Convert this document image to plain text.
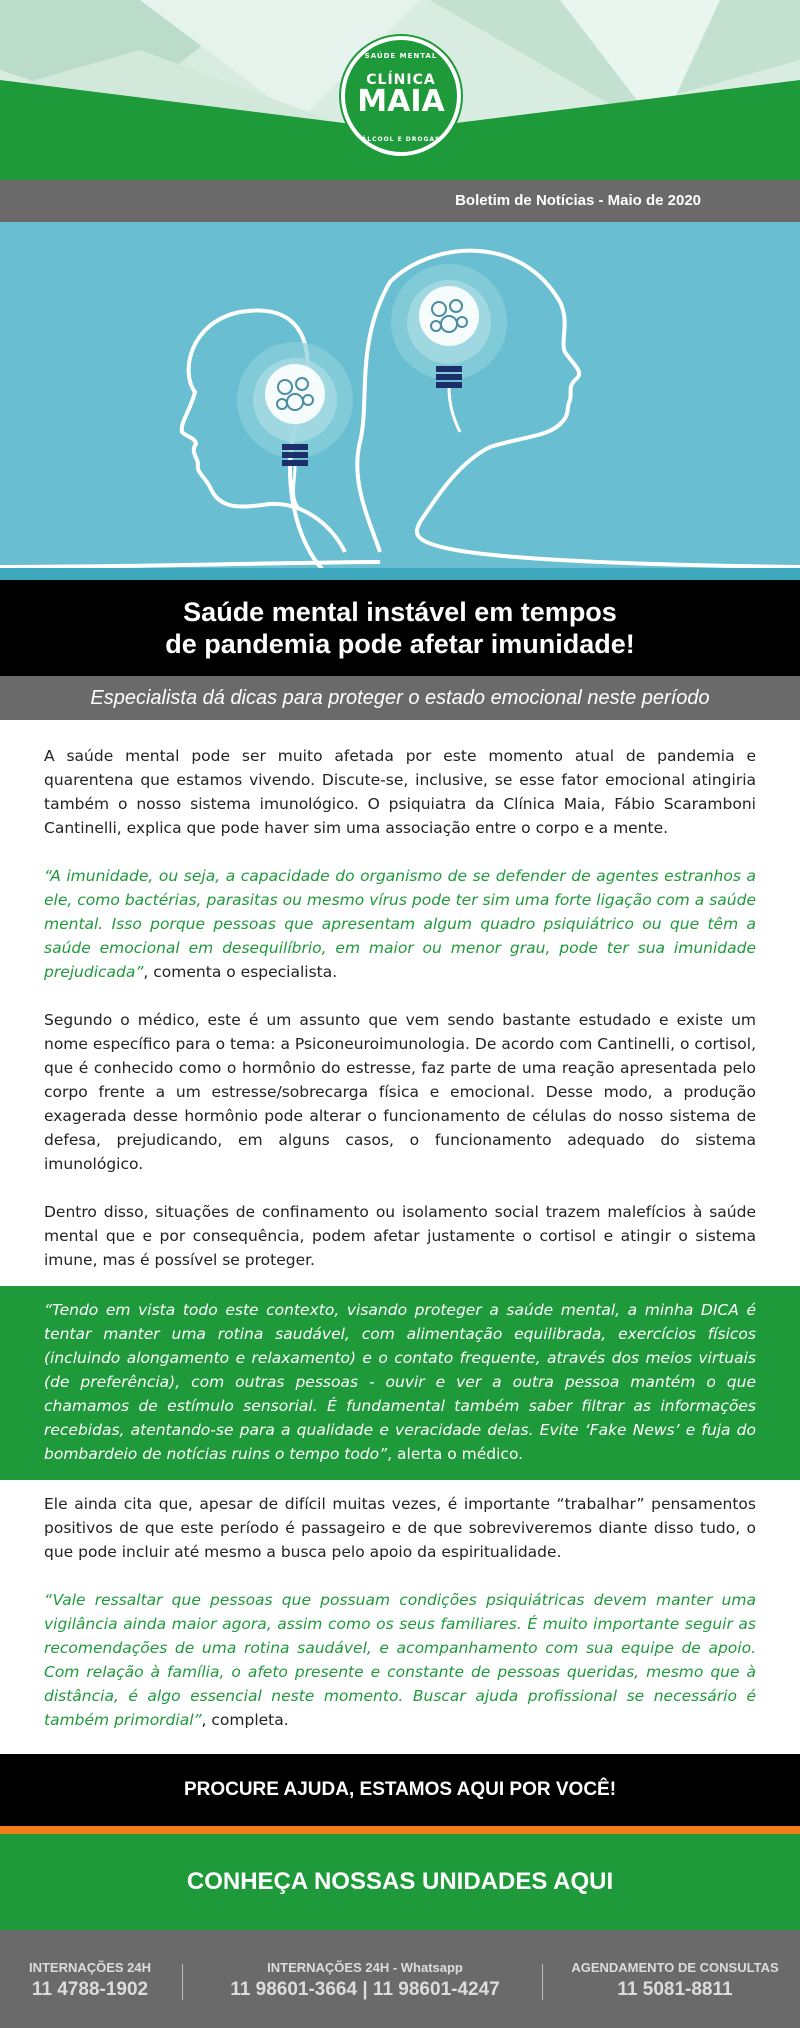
SAÚDE MENTAL
CLÍNICA
MAIA
ÁLCOOL E DROGAS
Boletim de Notícias - Maio de 2020
Saúde mental instável em tempos
de pandemia pode afetar imunidade!
Especialista dá dicas para proteger o estado emocional neste período

A saúde mental pode ser muito afetada por este momento atual de pandemia e quarentena que estamos vivendo. Discute-se, inclusive, se esse fator emocional atingiria também o nosso sistema imunológico. O psiquiatra da Clínica Maia, Fábio Scaramboni Cantinelli, explica que pode haver sim uma associação entre o corpo e a mente.

“A imunidade, ou seja, a capacidade do organismo de se defender de agentes estranhos a ele, como bactérias, parasitas ou mesmo vírus pode ter sim uma forte ligação com a saúde mental. Isso porque pessoas que apresentam algum quadro psiquiátrico ou que têm a saúde emocional em desequilíbrio, em maior ou menor grau, pode ter sua imunidade prejudicada”, comenta o especialista.

Segundo o médico, este é um assunto que vem sendo bastante estudado e existe um nome específico para o tema: a Psiconeuroimunologia. De acordo com Cantinelli, o cortisol, que é conhecido como o hormônio do estresse, faz parte de uma reação apresentada pelo corpo frente a um estresse/sobrecarga física e emocional. Desse modo, a produção exagerada desse hormônio pode alterar o funcionamento de células do nosso sistema de defesa, prejudicando, em alguns casos, o funcionamento adequado do sistema imunológico.

Dentro disso, situações de confinamento ou isolamento social trazem malefícios à saúde mental que e por consequência, podem afetar justamente o cortisol e atingir o sistema imune, mas é possível se proteger.

“Tendo em vista todo este contexto, visando proteger a saúde mental, a minha DICA é tentar manter uma rotina saudável, com alimentação equilibrada, exercícios físicos (incluindo alongamento e relaxamento) e o contato frequente, através dos meios virtuais (de preferência), com outras pessoas - ouvir e ver a outra pessoa mantém o que chamamos de estímulo sensorial. É fundamental também saber filtrar as informações recebidas, atentando-se para a qualidade e veracidade delas. Evite ‘Fake News’ e fuja do bombardeio de notícias ruins o tempo todo”, alerta o médico.

Ele ainda cita que, apesar de difícil muitas vezes, é importante “trabalhar” pensamentos positivos de que este período é passageiro e de que sobreviveremos diante disso tudo, o que pode incluir até mesmo a busca pelo apoio da espiritualidade.

“Vale ressaltar que pessoas que possuam condições psiquiátricas devem manter uma vigilância ainda maior agora, assim como os seus familiares. É muito importante seguir as recomendações de uma rotina saudável, e acompanhamento com sua equipe de apoio. Com relação à família, o afeto presente e constante de pessoas queridas, mesmo que à distância, é algo essencial neste momento. Buscar ajuda profissional se necessário é também primordial”, completa.

PROCURE AJUDA, ESTAMOS AQUI POR VOCÊ!
CONHEÇA NOSSAS UNIDADES AQUI
INTERNAÇÕES 24H
11 4788-1902
INTERNAÇÕES 24H - Whatsapp
11 98601-3664 | 11 98601-4247
AGENDAMENTO DE CONSULTAS
11 5081-8811
